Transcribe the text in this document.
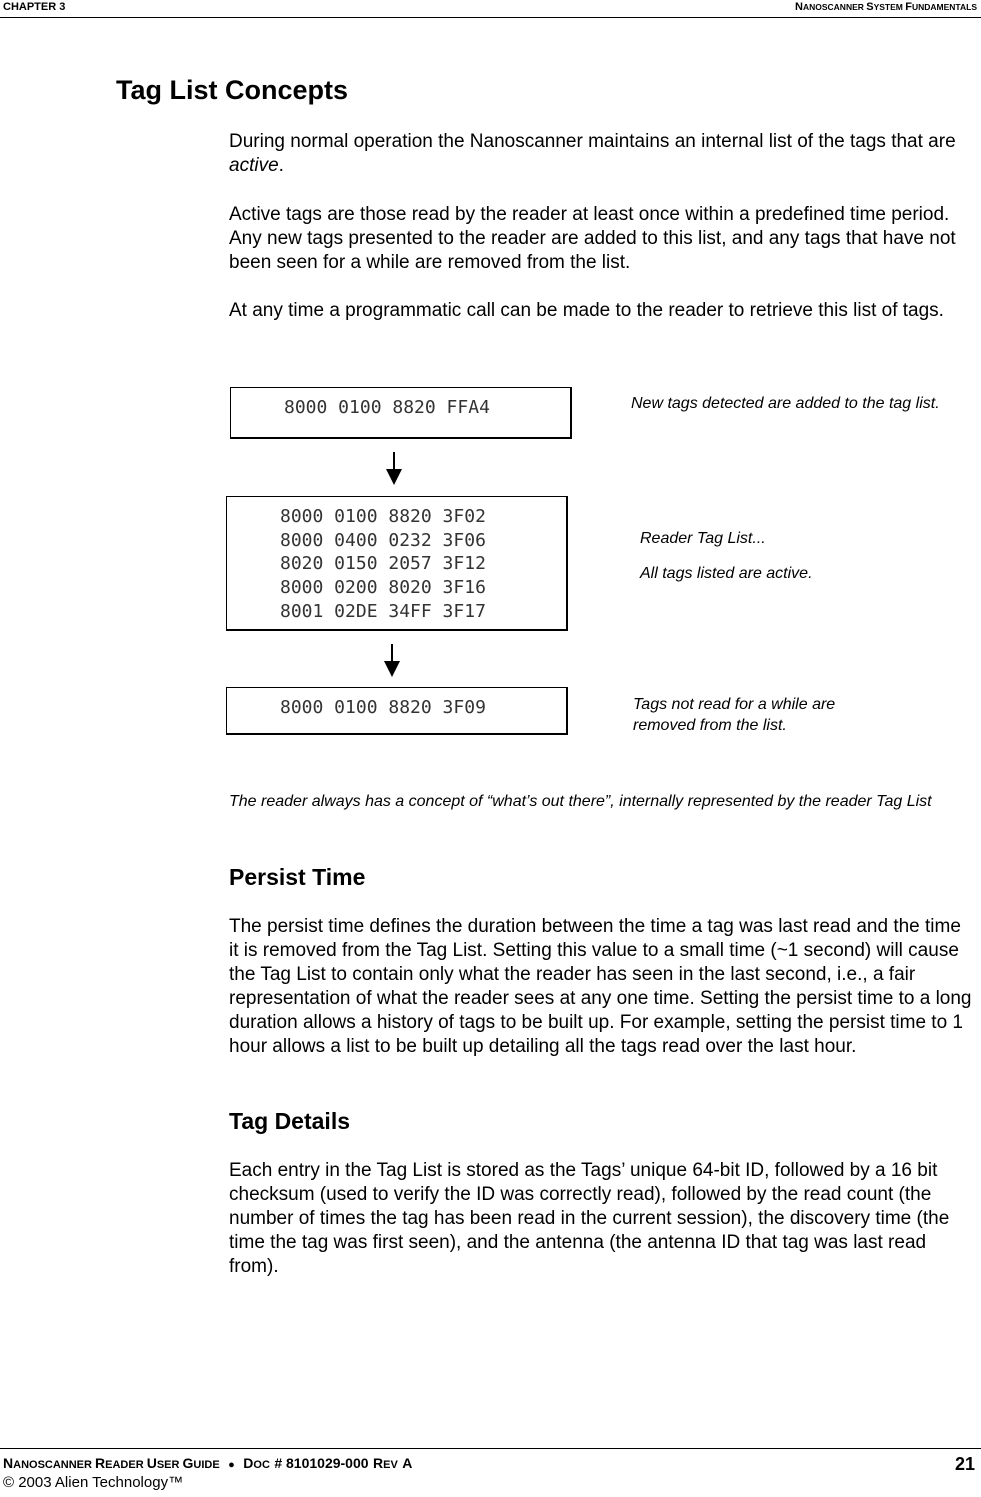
CHAPTER 3	NANOSCANNER SYSTEM FUNDAMENTALS
Tag List Concepts
During normal operation the Nanoscanner maintains an internal list of the tags that are active.
Active tags are those read by the reader at least once within a predefined time period. Any new tags presented to the reader are added to this list, and any tags that have not been seen for a while are removed from the list.
At any time a programmatic call can be made to the reader to retrieve this list of tags.
8000 0100 8820 FFA4	New tags detected are added to the tag list.
8000 0100 8820 3F02
8000 0400 0232 3F06
8020 0150 2057 3F12
8000 0200 8020 3F16
8001 02DE 34FF 3F17
Reader Tag List...
All tags listed are active.
8000 0100 8820 3F09	Tags not read for a while are removed from the list.
The reader always has a concept of “what’s out there”, internally represented by the reader Tag List
Persist Time
The persist time defines the duration between the time a tag was last read and the time it is removed from the Tag List. Setting this value to a small time (~1 second) will cause the Tag List to contain only what the reader has seen in the last second, i.e., a fair representation of what the reader sees at any one time. Setting the persist time to a long duration allows a history of tags to be built up. For example, setting the persist time to 1 hour allows a list to be built up detailing all the tags read over the last hour.
Tag Details
Each entry in the Tag List is stored as the Tags’ unique 64-bit ID, followed by a 16 bit checksum (used to verify the ID was correctly read), followed by the read count (the number of times the tag has been read in the current session), the discovery time (the time the tag was first seen), and the antenna (the antenna ID that tag was last read from).
NANOSCANNER READER USER GUIDE ● DOC # 8101029-000 REV A	21
© 2003 Alien Technology™
